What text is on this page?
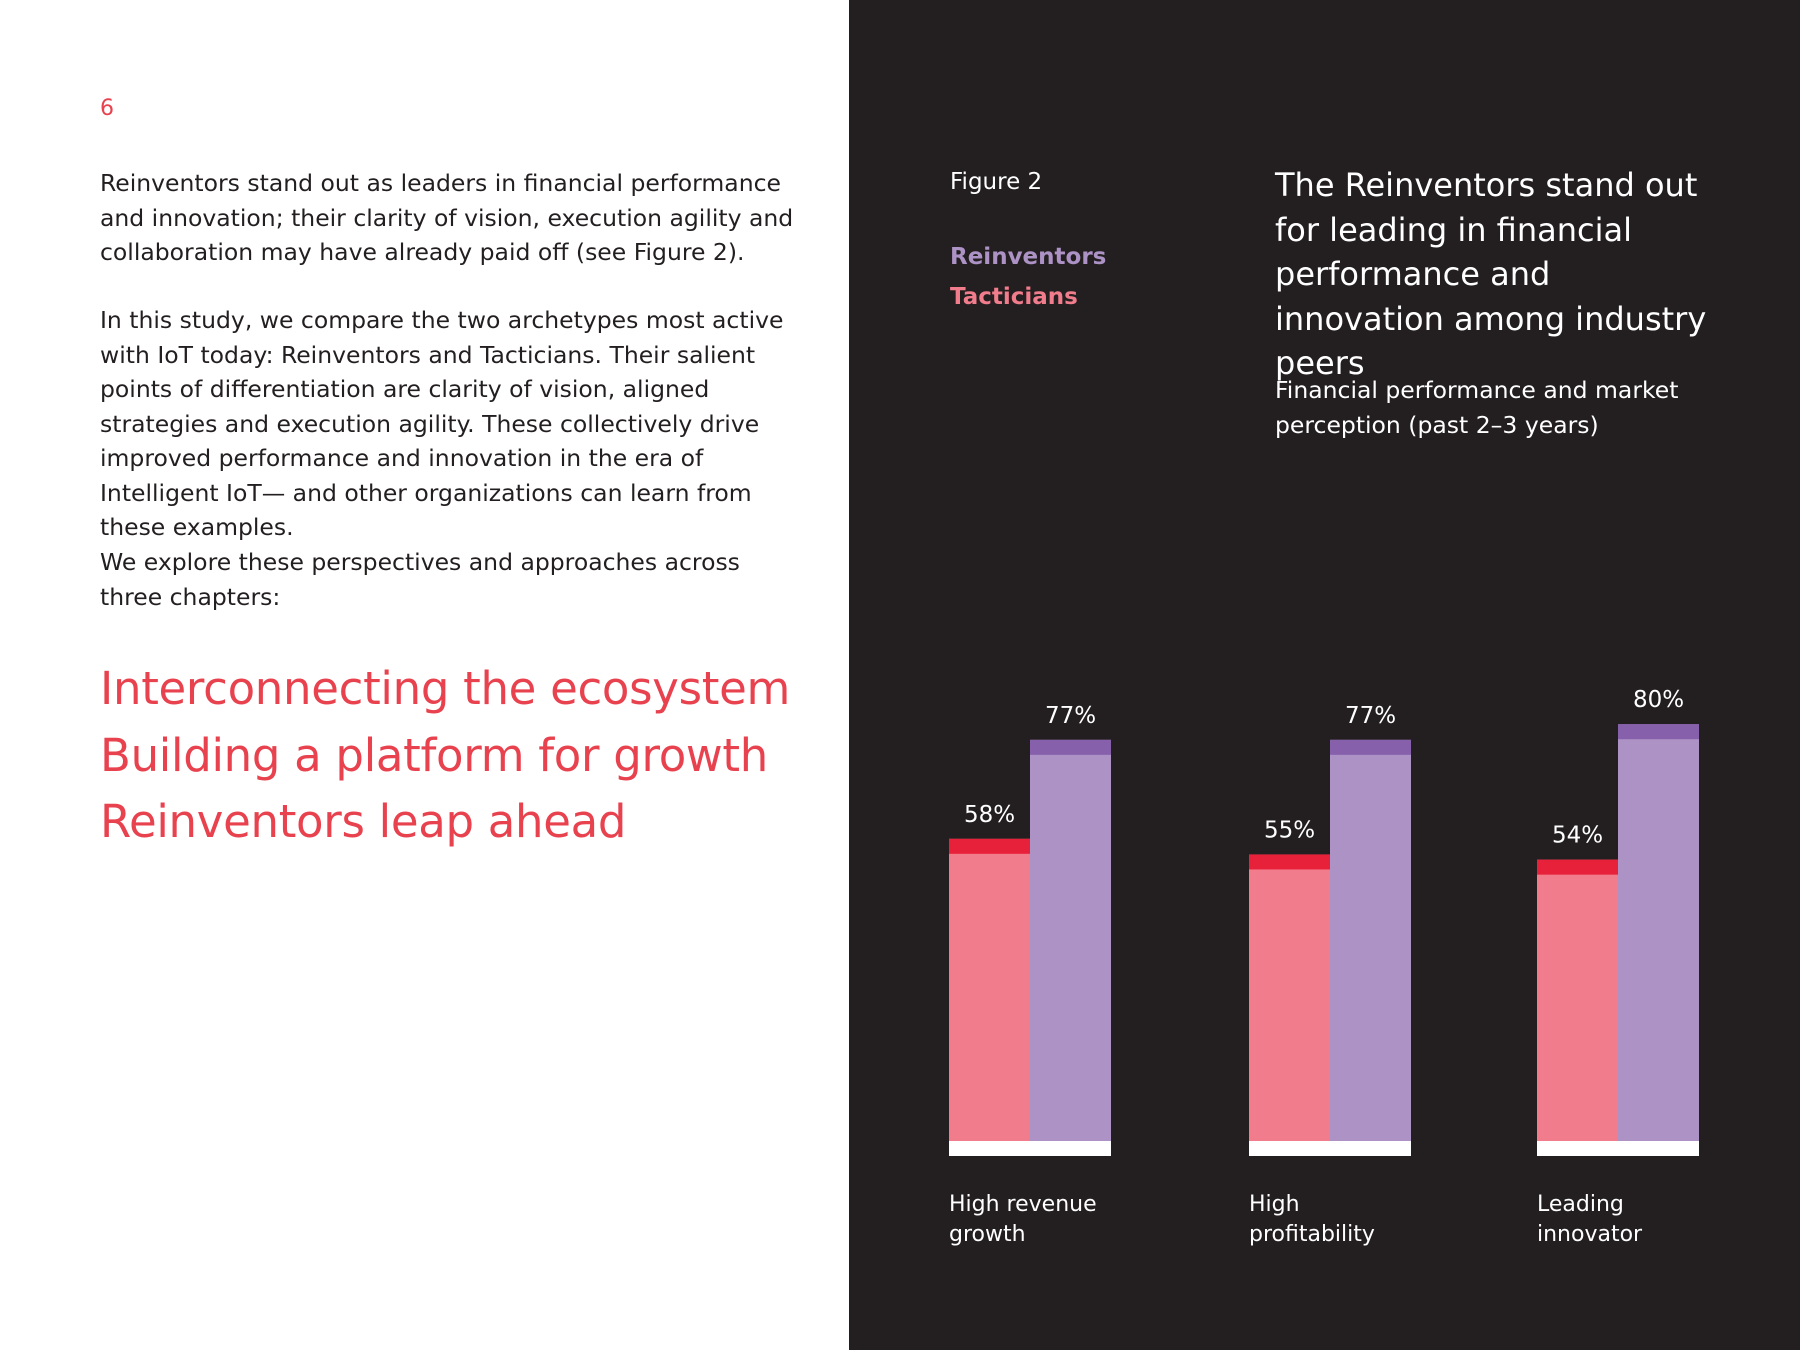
6

Reinventors stand out as leaders in financial performance and innovation; their clarity of vision, execution agility and collaboration may have already paid off (see Figure 2).

In this study, we compare the two archetypes most active with IoT today: Reinventors and Tacticians. Their salient points of differentiation are clarity of vision, aligned strategies and execution agility. These collectively drive improved performance and innovation in the era of Intelligent IoT— and other organizations can learn from these examples.

We explore these perspectives and approaches across three chapters:

Interconnecting the ecosystem
Building a platform for growth
Reinventors leap ahead
Figure 2
Reinventors
Tacticians
The Reinventors stand out for leading in financial performance and innovation among industry peers

Financial performance and market perception (past 2–3 years)

58%
77%
High revenue growth
55%
77%
High profitability
54%
80%
Leading innovator
